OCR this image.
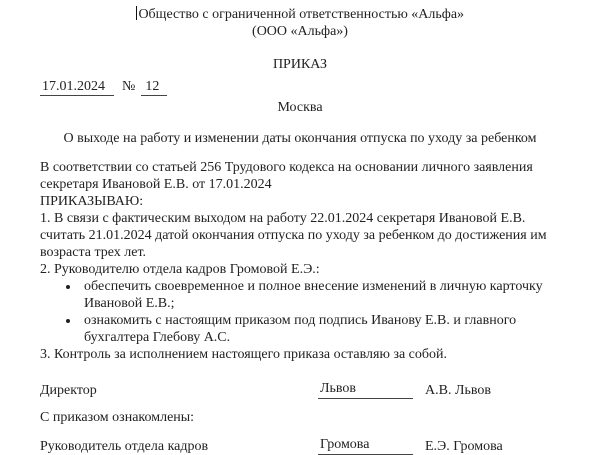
Общество с ограниченной ответственностью «Альфа»
(ООО «Альфа»)
ПРИКАЗ
17.01.2024 № 12
Москва
О выходе на работу и изменении даты окончания отпуска по уходу за ребенком

В соответствии со статьей 256 Трудового кодекса на основании личного заявления секретаря Ивановой Е.В. от 17.01.2024

ПРИКАЗЫВАЮ:

1. В связи с фактическим выходом на работу 22.01.2024 секретаря Ивановой Е.В. считать 21.01.2024 датой окончания отпуска по уходу за ребенком до достижения им возраста трех лет.

2. Руководителю отдела кадров Громовой Е.Э.:

• обеспечить своевременное и полное внесение изменений в личную карточку Ивановой Е.В.;
• ознакомить с настоящим приказом под подпись Иванову Е.В. и главного бухгалтера Глебову А.С.

3. Контроль за исполнением настоящего приказа оставляю за собой.

Директор	Львов	А.В. Львов
С приказом ознакомлены:
Руководитель отдела кадров	Громова	Е.Э. Громова
